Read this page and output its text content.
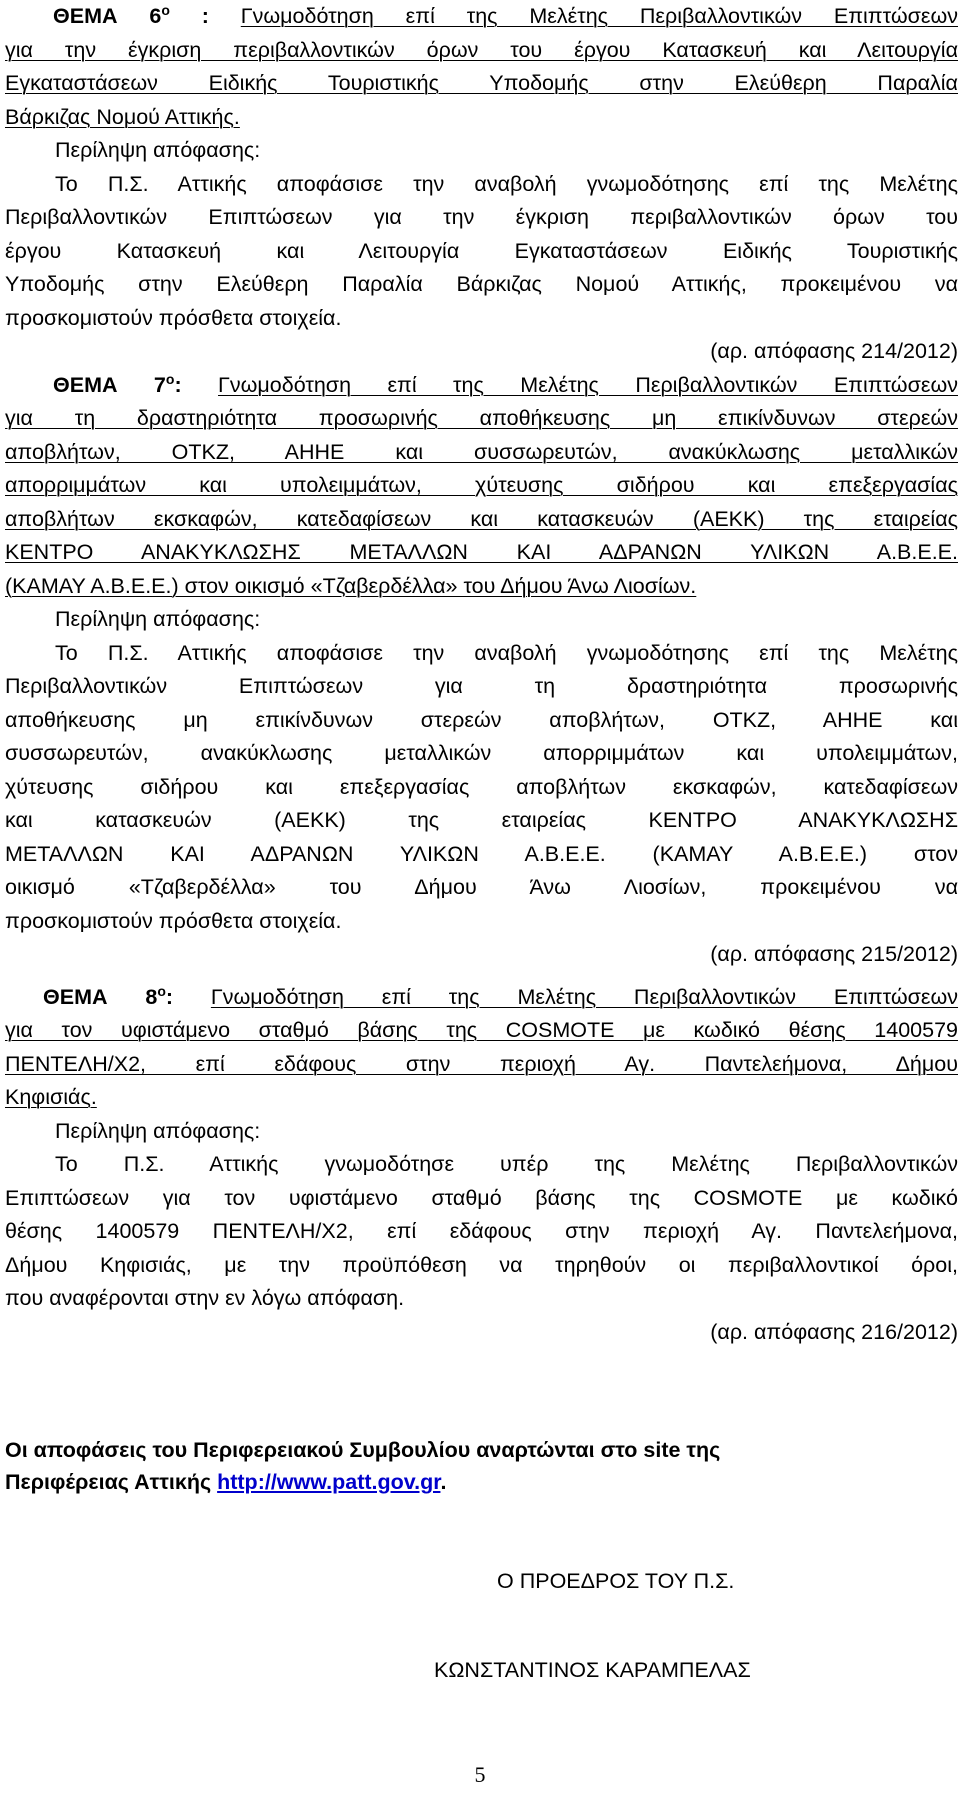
ΘΕΜΑ $6^o$ : Γνωμοδότηση επί της Μελέτης Περιβαλλοντικών Επιπτώσεων

για την έγκριση περιβαλλοντικών όρων του έργου Κατασκευή και Λειτουργία

Εγκαταστάσεων Ειδικής Τουριστικής Υποδομής στην Ελεύθερη Παραλία

Βάρκιζας Νομού Αττικής.

Περίληψη απόφασης:

Το Π.Σ. Αττικής αποφάσισε την αναβολή γνωμοδότησης επί της Μελέτης

Περιβαλλοντικών Επιπτώσεων για την έγκριση περιβαλλοντικών όρων του

έργου Κατασκευή και Λειτουργία Εγκαταστάσεων Ειδικής Τουριστικής

Υποδομής στην Ελεύθερη Παραλία Βάρκιζας Νομού Αττικής, προκειμένου να

προσκομιστούν πρόσθετα στοιχεία.

(αρ. απόφασης 214/2012)

ΘΕΜΑ $7^o$: Γνωμοδότηση επί της Μελέτης Περιβαλλοντικών Επιπτώσεων

για τη δραστηριότητα προσωρινής αποθήκευσης μη επικίνδυνων στερεών

αποβλήτων, ΟΤΚΖ, ΑΗΗΕ και συσσωρευτών, ανακύκλωσης μεταλλικών

απορριμμάτων και υπολειμμάτων, χύτευσης σιδήρου και επεξεργασίας

αποβλήτων εκσκαφών, κατεδαφίσεων και κατασκευών (ΑΕΚΚ) της εταιρείας

ΚΕΝΤΡΟ ΑΝΑΚΥΚΛΩΣΗΣ ΜΕΤΑΛΛΩΝ ΚΑΙ ΑΔΡΑΝΩΝ ΥΛΙΚΩΝ Α.Β.Ε.Ε.

(ΚΑΜΑΥ Α.Β.Ε.Ε.) στον οικισμό «Τζαβερδέλλα» του Δήμου Άνω Λιοσίων.

Περίληψη απόφασης:

Το Π.Σ. Αττικής αποφάσισε την αναβολή γνωμοδότησης επί της Μελέτης

Περιβαλλοντικών Επιπτώσεων για τη δραστηριότητα προσωρινής

αποθήκευσης μη επικίνδυνων στερεών αποβλήτων, ΟΤΚΖ, ΑΗΗΕ και

συσσωρευτών, ανακύκλωσης μεταλλικών απορριμμάτων και υπολειμμάτων,

χύτευσης σιδήρου και επεξεργασίας αποβλήτων εκσκαφών, κατεδαφίσεων

και κατασκευών (ΑΕΚΚ) της εταιρείας ΚΕΝΤΡΟ ΑΝΑΚΥΚΛΩΣΗΣ

ΜΕΤΑΛΛΩΝ ΚΑΙ ΑΔΡΑΝΩΝ ΥΛΙΚΩΝ Α.Β.Ε.Ε. (ΚΑΜΑΥ Α.Β.Ε.Ε.) στον

οικισμό «Τζαβερδέλλα» του Δήμου Άνω Λιοσίων, προκειμένου να

προσκομιστούν πρόσθετα στοιχεία.

(αρ. απόφασης 215/2012)

ΘΕΜΑ $8^o$: Γνωμοδότηση επί της Μελέτης Περιβαλλοντικών Επιπτώσεων

για τον υφιστάμενο σταθμό βάσης της COSMOTE με κωδικό θέσης 1400579

ΠΕΝΤΕΛΗ/Χ2, επί εδάφους στην περιοχή Αγ. Παντελεήμονα, Δήμου

Κηφισιάς.

Περίληψη απόφασης:

Το Π.Σ. Αττικής γνωμοδότησε υπέρ της Μελέτης Περιβαλλοντικών

Επιπτώσεων για τον υφιστάμενο σταθμό βάσης της COSMOTE με κωδικό

θέσης 1400579 ΠΕΝΤΕΛΗ/Χ2, επί εδάφους στην περιοχή Αγ. Παντελεήμονα,

Δήμου Κηφισιάς, με την προϋπόθεση να τηρηθούν οι περιβαλλοντικοί όροι,

που αναφέρονται στην εν λόγω απόφαση.

(αρ. απόφασης 216/2012)

Οι αποφάσεις του Περιφερειακού Συμβουλίου αναρτώνται στο site της

Περιφέρειας Αττικής http://www.patt.gov.gr.

Ο ΠΡΟΕΔΡΟΣ ΤΟΥ Π.Σ.
ΚΩΝΣΤΑΝΤΙΝΟΣ ΚΑΡΑΜΠΕΛΑΣ
5
